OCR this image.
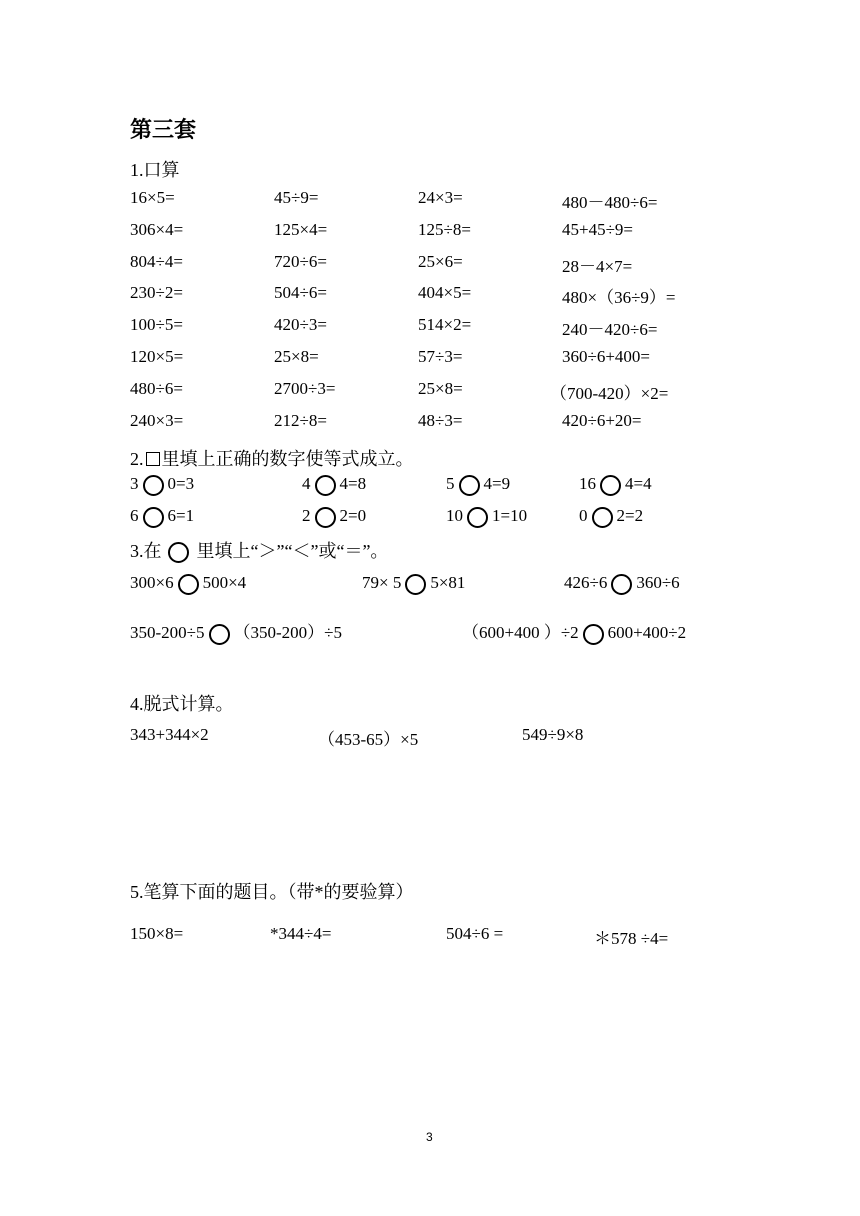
第三套
1.口算
16×5=	45÷9=	24×3=	480－480÷6=
306×4=	125×4=	125÷8=	45+45÷9=
804÷4=	720÷6=	25×6=	28－4×7=
230÷2=	504÷6=	404×5=	480×（36÷9）=
100÷5=	420÷3=	514×2=	240－420÷6=
120×5=	25×8=	57÷3=	360÷6+400=
480÷6=	2700÷3=	25×8=	（700-420）×2=
240×3=	212÷8=	48÷3=	420÷6+20=
2. 里填上正确的数字使等式成立。
3 0=3	4 4=8	5 4=9	16 4=4
6 6=1	2 2=0	10 1=10	0 2=2
3.在 里填上“＞”“＜”或“＝”。
300×6 500×4	79× 5 5×81	426÷6 360÷6
350-200÷5 （350-200）÷5	（600+400 ）÷2 600+400÷2
4.脱式计算。
343+344×2	（453-65）×5	549÷9×8
5.笔算下面的题目。（带*的要验算）
150×8=	*344÷4=	504÷6 =	＊578 ÷4=
3
